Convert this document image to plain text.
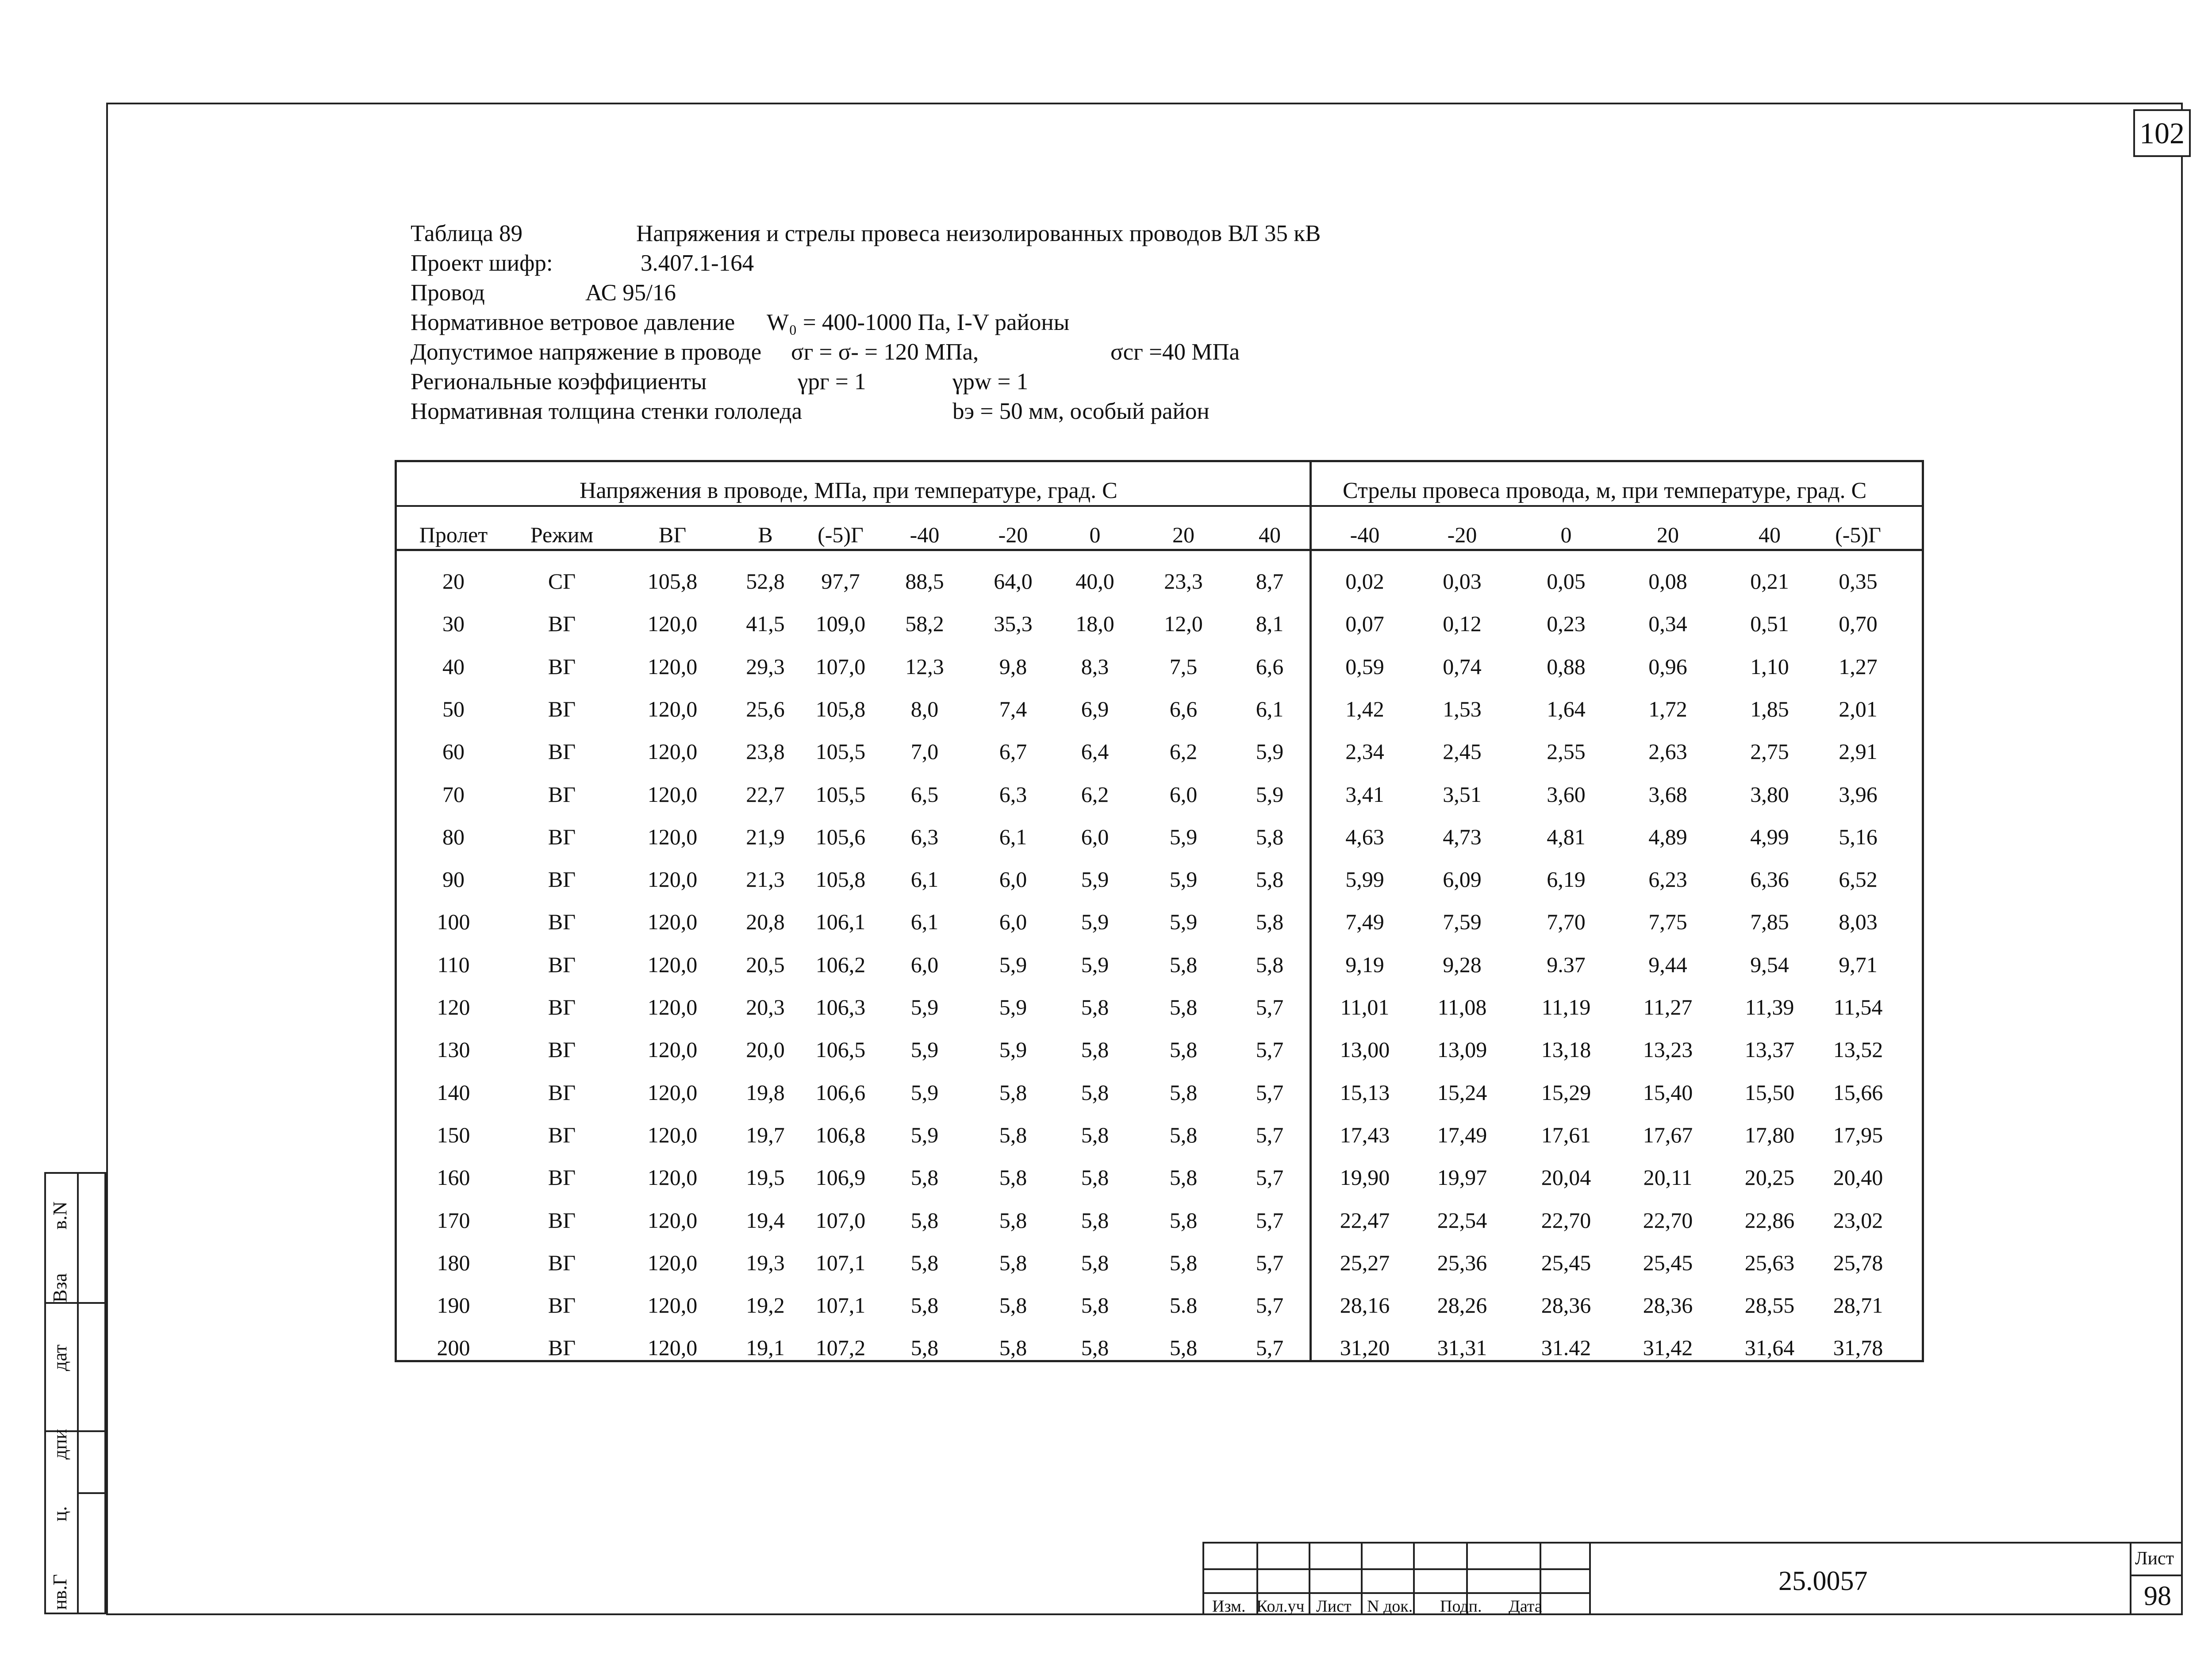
102
Таблица 89	Напряжения и стрелы провеса неизолированных проводов ВЛ 35 кВ
Проект шифр:	3.407.1-164
Провод	АС 95/16
Нормативное ветровое давление W₀ = 400-1000 Па, I-V районы
Допустимое напряжение в проводе σг = σ- = 120 МПа,	σсг =40 МПа
Региональные коэффициенты	γрг = 1	γрw = 1
Нормативная толщина стенки гололеда	bэ = 50 мм, особый район
Напряжения в проводе, МПа, при температуре, град. С	Стрелы провеса провода, м, при температуре, град. С
Пролет	Режим	ВГ	В	(-5)Г	-40	-20	0	20	40	-40	-20	0	20	40	(-5)Г
20	СГ	105,8	52,8	97,7	88,5	64,0	40,0	23,3	8,7	0,02	0,03	0,05	0,08	0,21	0,35
30	ВГ	120,0	41,5	109,0	58,2	35,3	18,0	12,0	8,1	0,07	0,12	0,23	0,34	0,51	0,70
40	ВГ	120,0	29,3	107,0	12,3	9,8	8,3	7,5	6,6	0,59	0,74	0,88	0,96	1,10	1,27
50	ВГ	120,0	25,6	105,8	8,0	7,4	6,9	6,6	6,1	1,42	1,53	1,64	1,72	1,85	2,01
60	ВГ	120,0	23,8	105,5	7,0	6,7	6,4	6,2	5,9	2,34	2,45	2,55	2,63	2,75	2,91
70	ВГ	120,0	22,7	105,5	6,5	6,3	6,2	6,0	5,9	3,41	3,51	3,60	3,68	3,80	3,96
80	ВГ	120,0	21,9	105,6	6,3	6,1	6,0	5,9	5,8	4,63	4,73	4,81	4,89	4,99	5,16
90	ВГ	120,0	21,3	105,8	6,1	6,0	5,9	5,9	5,8	5,99	6,09	6,19	6,23	6,36	6,52
100	ВГ	120,0	20,8	106,1	6,1	6,0	5,9	5,9	5,8	7,49	7,59	7,70	7,75	7,85	8,03
110	ВГ	120,0	20,5	106,2	6,0	5,9	5,9	5,8	5,8	9,19	9,28	9.37	9,44	9,54	9,71
120	ВГ	120,0	20,3	106,3	5,9	5,9	5,8	5,8	5,7	11,01	11,08	11,19	11,27	11,39	11,54
130	ВГ	120,0	20,0	106,5	5,9	5,9	5,8	5,8	5,7	13,00	13,09	13,18	13,23	13,37	13,52
140	ВГ	120,0	19,8	106,6	5,9	5,8	5,8	5,8	5,7	15,13	15,24	15,29	15,40	15,50	15,66
150	ВГ	120,0	19,7	106,8	5,9	5,8	5,8	5,8	5,7	17,43	17,49	17,61	17,67	17,80	17,95
160	ВГ	120,0	19,5	106,9	5,8	5,8	5,8	5,8	5,7	19,90	19,97	20,04	20,11	20,25	20,40
170	ВГ	120,0	19,4	107,0	5,8	5,8	5,8	5,8	5,7	22,47	22,54	22,70	22,70	22,86	23,02
180	ВГ	120,0	19,3	107,1	5,8	5,8	5,8	5,8	5,7	25,27	25,36	25,45	25,45	25,63	25,78
190	ВГ	120,0	19,2	107,1	5,8	5,8	5,8	5.8	5,7	28,16	28,26	28,36	28,36	28,55	28,71
200	ВГ	120,0	19,1	107,2	5,8	5,8	5,8	5,8	5,7	31,20	31,31	31.42	31,42	31,64	31,78
в.N
Вза
дат
дпи
ц.
нв.Г	Изм. Кол.уч Лист N док. Подп. Дата
25.0057
Лист
98
